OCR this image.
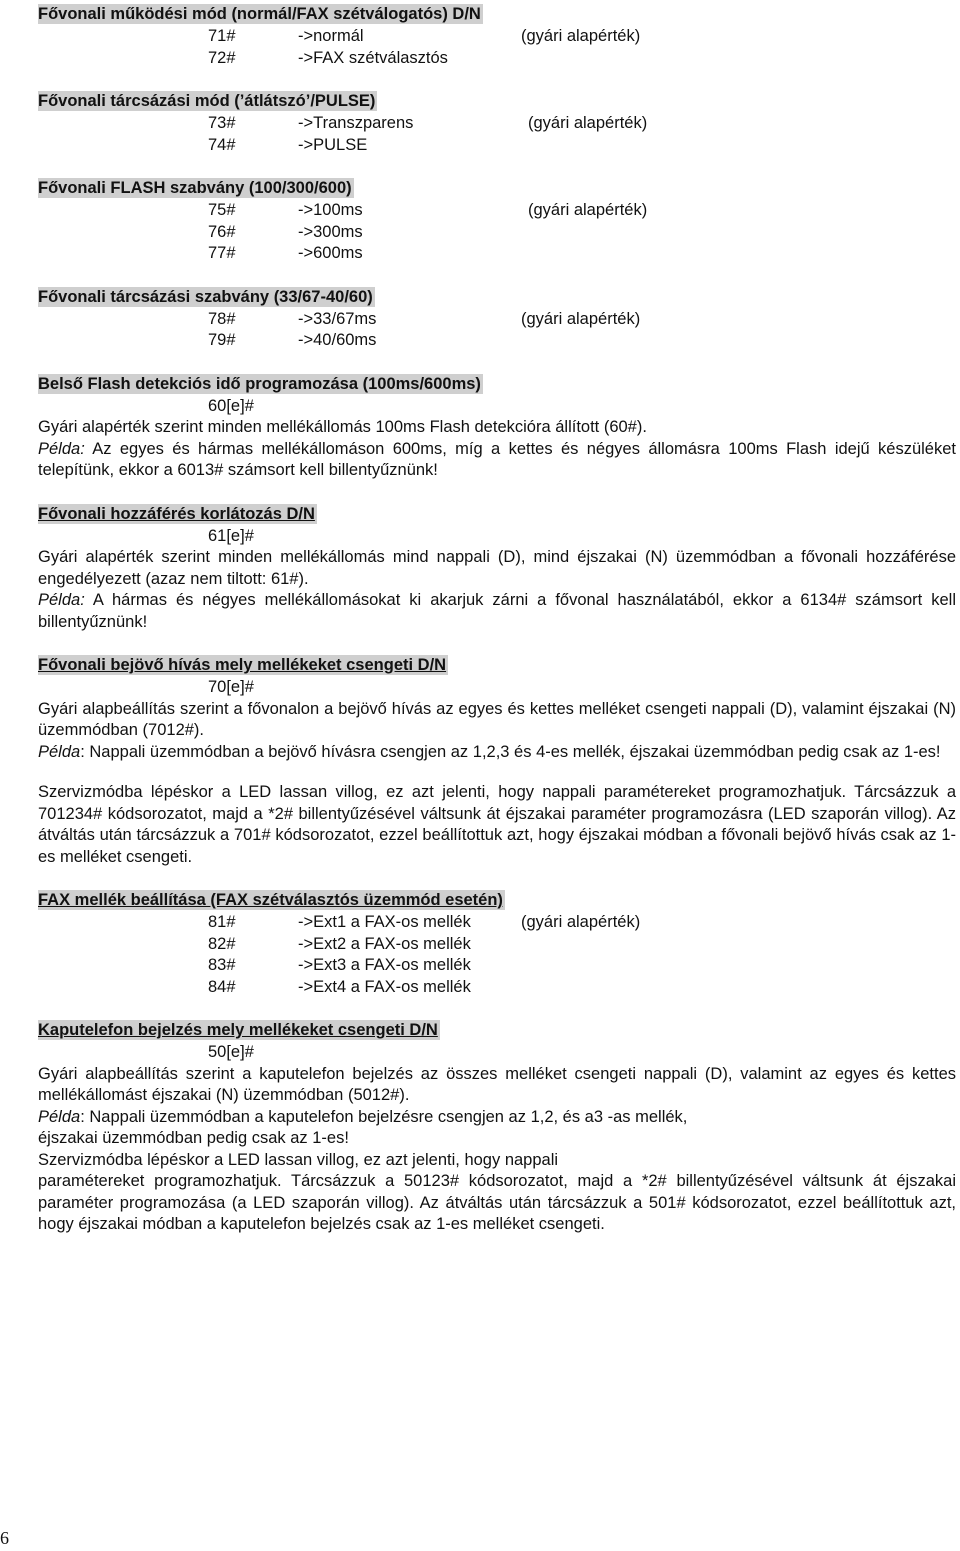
Fővonali működési mód (normál/FAX szétválogatós) D/N
71#	->normál	(gyári alapérték)
72#	->FAX szétválasztós
Fővonali tárcsázási mód (’átlátszó’/PULSE)
73#	->Transzparens	(gyári alapérték)
74#	->PULSE
Fővonali FLASH szabvány (100/300/600)
75#	->100ms	(gyári alapérték)
76#	->300ms
77#	->600ms
Fővonali tárcsázási szabvány (33/67-40/60)
78#	->33/67ms	(gyári alapérték)
79#	->40/60ms
Belső Flash detekciós idő programozása (100ms/600ms)
60[e]#

Gyári alapérték szerint minden mellékállomás 100ms Flash detekcióra állított (60#).

Példa: Az egyes és hármas mellékállomáson 600ms, míg a kettes és négyes állomásra 100ms Flash idejű készüléket telepítünk, ekkor a 6013# számsort kell billentyűznünk!

Fővonali hozzáférés korlátozás D/N
61[e]#

Gyári alapérték szerint minden mellékállomás mind nappali (D), mind éjszakai (N) üzemmódban a fővonali hozzáférése engedélyezett (azaz nem tiltott: 61#).

Példa: A hármas és négyes mellékállomásokat ki akarjuk zárni a fővonal használatából, ekkor a 6134# számsort kell billentyűznünk!

Fővonali bejövő hívás mely mellékeket csengeti D/N
70[e]#

Gyári alapbeállítás szerint a fővonalon a bejövő hívás az egyes és kettes melléket csengeti nappali (D), valamint éjszakai (N) üzemmódban (7012#).

Példa: Nappali üzemmódban a bejövő hívásra csengjen az 1,2,3 és 4-es mellék, éjszakai üzemmódban pedig csak az 1-es!

Szervizmódba lépéskor a LED lassan villog, ez azt jelenti, hogy nappali paramétereket programozhatjuk. Tárcsázzuk a 701234# kódsorozatot, majd a *2# billentyűzésével váltsunk át éjszakai paraméter programozásra (LED szaporán villog). Az átváltás után tárcsázzuk a 701# kódsorozatot, ezzel beállítottuk azt, hogy éjszakai módban a fővonali bejövő hívás csak az 1-es melléket csengeti.

FAX mellék beállítása (FAX szétválasztós üzemmód esetén)
81#	->Ext1 a FAX-os mellék	(gyári alapérték)
82#	->Ext2 a FAX-os mellék
83#	->Ext3 a FAX-os mellék
84#	->Ext4 a FAX-os mellék
Kaputelefon bejelzés mely mellékeket csengeti D/N
50[e]#

Gyári alapbeállítás szerint a kaputelefon bejelzés az összes melléket csengeti nappali (D), valamint az egyes és kettes mellékállomást éjszakai (N) üzemmódban (5012#).

Példa: Nappali üzemmódban a kaputelefon bejelzésre csengjen az 1,2, és a3 -as mellék,

éjszakai üzemmódban pedig csak az 1-es!

Szervizmódba lépéskor a LED lassan villog, ez azt jelenti, hogy nappali

paramétereket programozhatjuk. Tárcsázzuk a 50123# kódsorozatot, majd a *2# billentyűzésével váltsunk át éjszakai paraméter programozása (a LED szaporán villog). Az átváltás után tárcsázzuk a 501# kódsorozatot, ezzel beállítottuk azt, hogy éjszakai módban a kaputelefon bejelzés csak az 1-es melléket csengeti.

6
